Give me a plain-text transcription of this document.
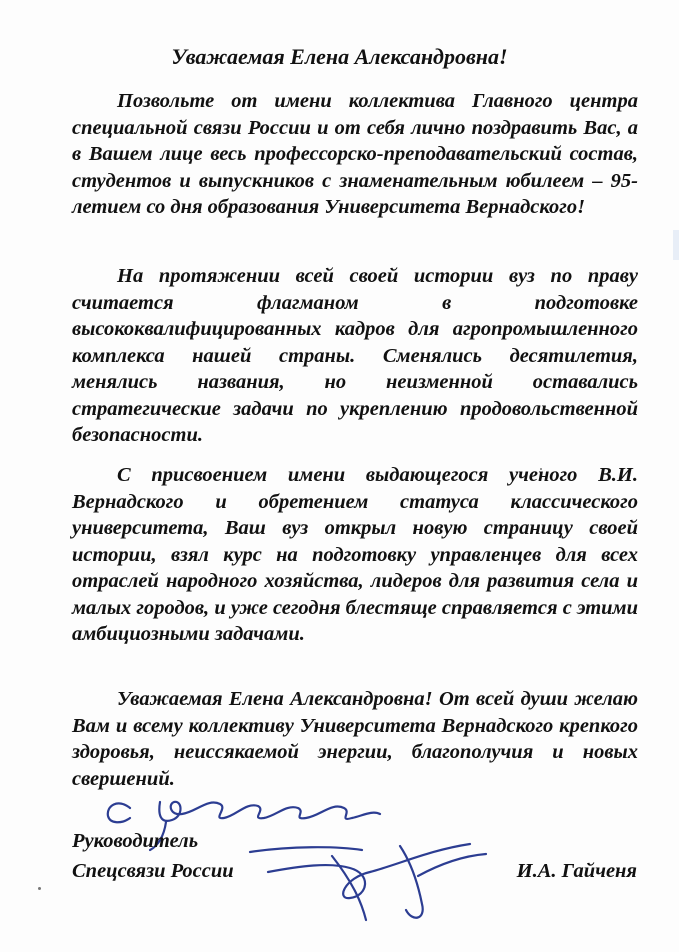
Уважаемая Елена Александровна!

Позвольте от имени коллектива Главного центра специальной связи России и от себя лично поздравить Вас, а в Вашем лице весь профессорско-преподавательский состав, студентов и выпускников с знаменательным юбилеем – 95-летием со дня образования Университета Вернадского!

На протяжении всей своей истории вуз по праву считается флагманом в подготовке высококвалифицированных кадров для агропромышленного комплекса нашей страны. Сменялись десятилетия, менялись названия, но неизменной оставались стратегические задачи по укреплению продовольственной безопасности.

С присвоением имени выдающегося ученого В.И. Вернадского и обретением статуса классического университета, Ваш вуз открыл новую страницу своей истории, взял курс на подготовку управленцев для всех отраслей народного хозяйства, лидеров для развития села и малых городов, и уже сегодня блестяще справляется с этими амбициозными задачами.

Уважаемая Елена Александровна! От всей души желаю Вам и всему коллективу Университета Вернадского крепкого здоровья, неиссякаемой энергии, благополучия и новых свершений.

Руководитель

Спецсвязи России	И.А. Гайченя
